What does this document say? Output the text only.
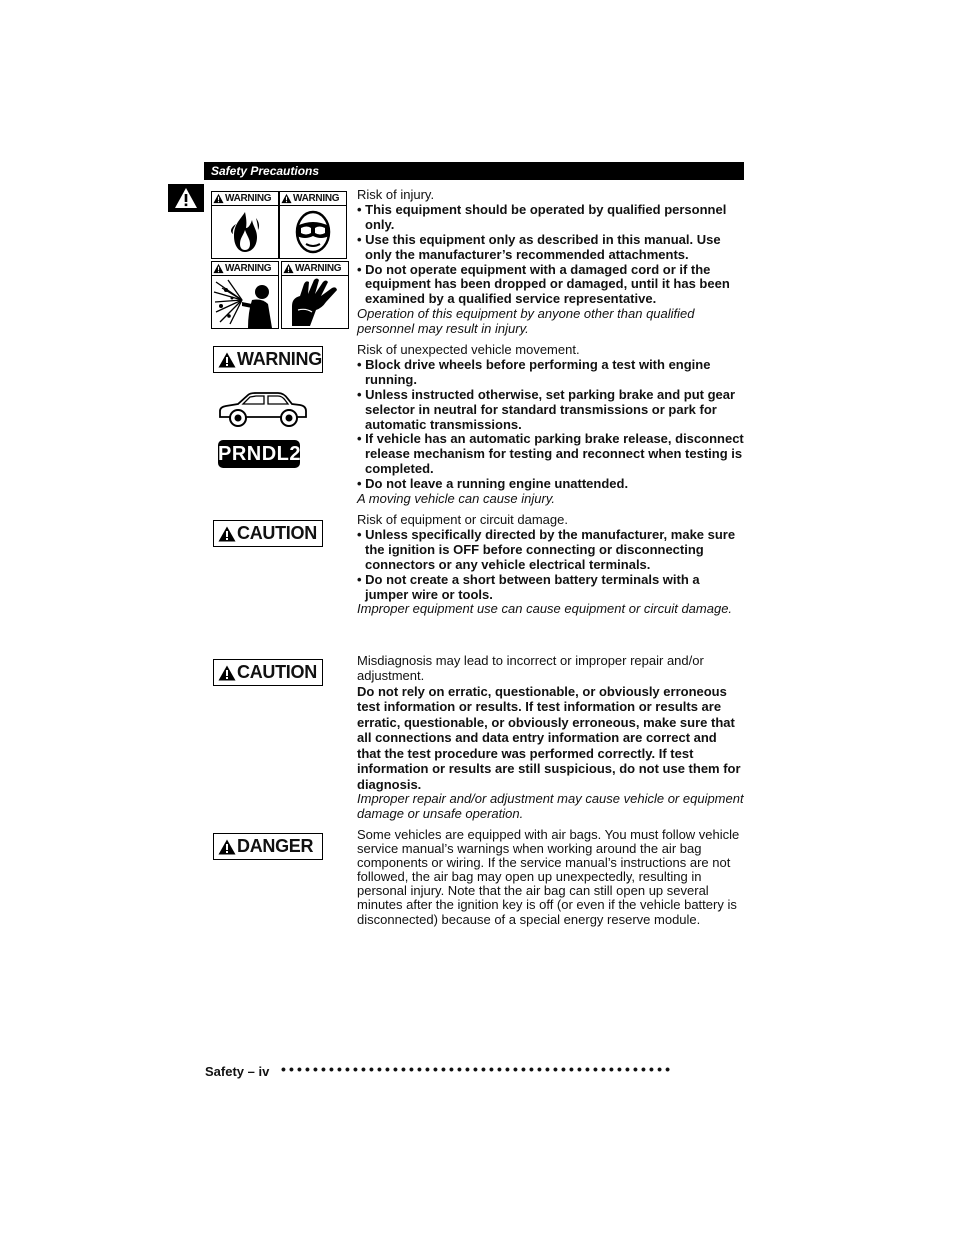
Safety Precautions
WARNING WARNING
WARNING WARNING
Risk of injury.
• This equipment should be operated by qualified personnel only.
• Use this equipment only as described in this manual. Use only the manufacturer’s recommended attachments.
• Do not operate equipment with a damaged cord or if the equipment has been dropped or damaged, until it has been examined by a qualified service representative.
Operation of this equipment by anyone other than qualified personnel may result in injury.
WARNING
PRNDL2
Risk of unexpected vehicle movement.
• Block drive wheels before performing a test with engine running.
• Unless instructed otherwise, set parking brake and put gear selector in neutral for standard transmissions or park for automatic transmissions.
• If vehicle has an automatic parking brake release, disconnect release mechanism for testing and reconnect when testing is completed.
• Do not leave a running engine unattended.
A moving vehicle can cause injury.
CAUTION
Risk of equipment or circuit damage.
• Unless specifically directed by the manufacturer, make sure the ignition is OFF before connecting or disconnecting connectors or any vehicle electrical terminals.
• Do not create a short between battery terminals with a jumper wire or tools.
Improper equipment use can cause equipment or circuit damage.
CAUTION
Misdiagnosis may lead to incorrect or improper repair and/or adjustment.
Do not rely on erratic, questionable, or obviously erroneous test information or results. If test information or results are erratic, questionable, or obviously erroneous, make sure that all connections and data entry information are correct and that the test procedure was performed correctly. If test information or results are still suspicious, do not use them for diagnosis.
Improper repair and/or adjustment may cause vehicle or equipment damage or unsafe operation.
DANGER
Some vehicles are equipped with air bags. You must follow vehicle service manual’s warnings when working around the air bag components or wiring. If the service manual’s instructions are not followed, the air bag may open up unexpectedly, resulting in personal injury. Note that the air bag can still open up several minutes after the ignition key is off (or even if the vehicle battery is disconnected) because of a special energy reserve module.
Safety – iv •••••••••••••••••••••••••••••••••••••••••••••••••
